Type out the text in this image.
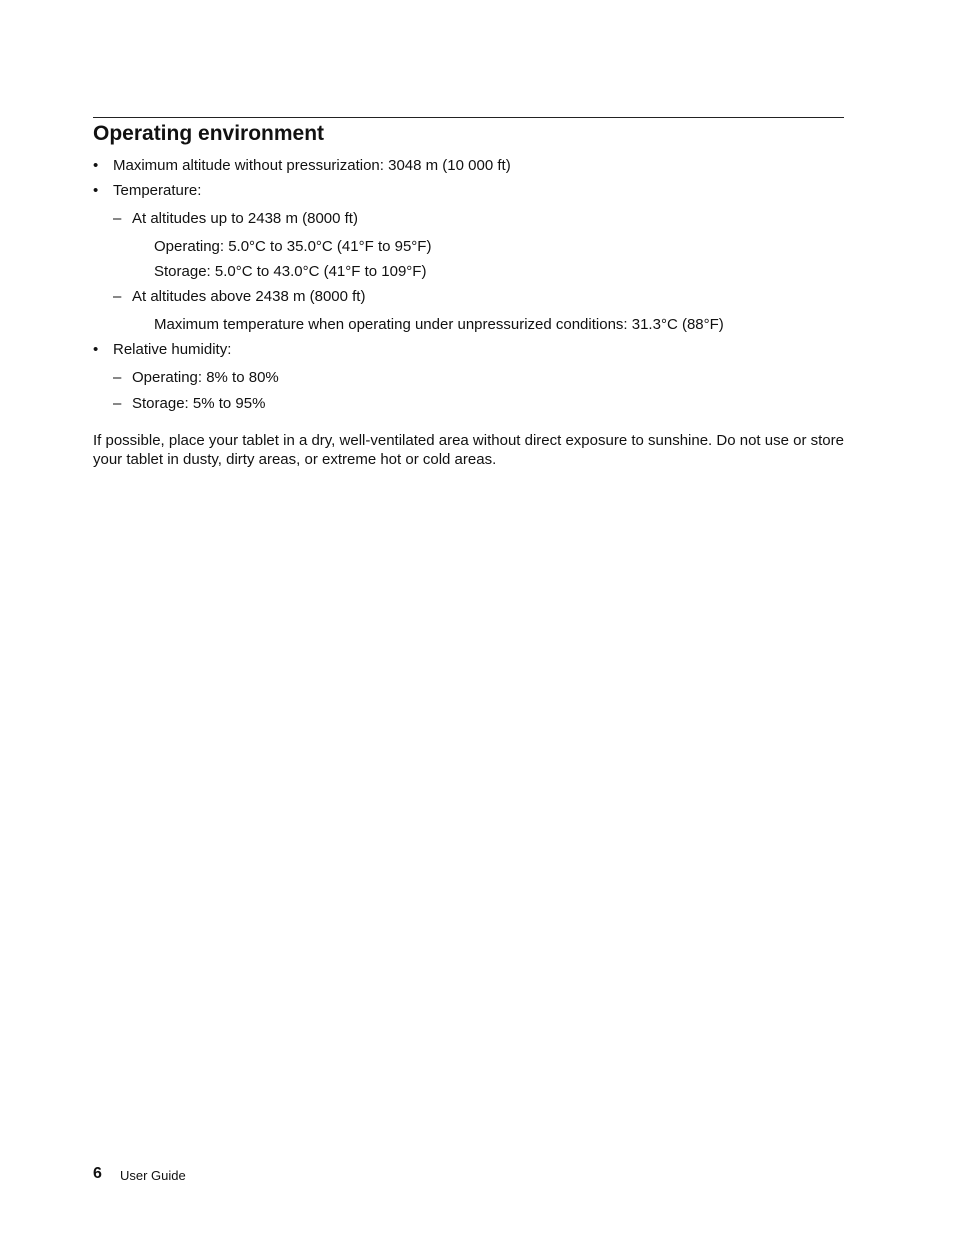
Operating environment
• Maximum altitude without pressurization: 3048 m (10 000 ft)
• Temperature:
– At altitudes up to 2438 m (8000 ft)
Operating: 5.0°C to 35.0°C (41°F to 95°F)
Storage: 5.0°C to 43.0°C (41°F to 109°F)
– At altitudes above 2438 m (8000 ft)
Maximum temperature when operating under unpressurized conditions: 31.3°C (88°F)
• Relative humidity:
– Operating: 8% to 80%
– Storage: 5% to 95%

If possible, place your tablet in a dry, well-ventilated area without direct exposure to sunshine. Do not use or store your tablet in dusty, dirty areas, or extreme hot or cold areas.

6 User Guide
